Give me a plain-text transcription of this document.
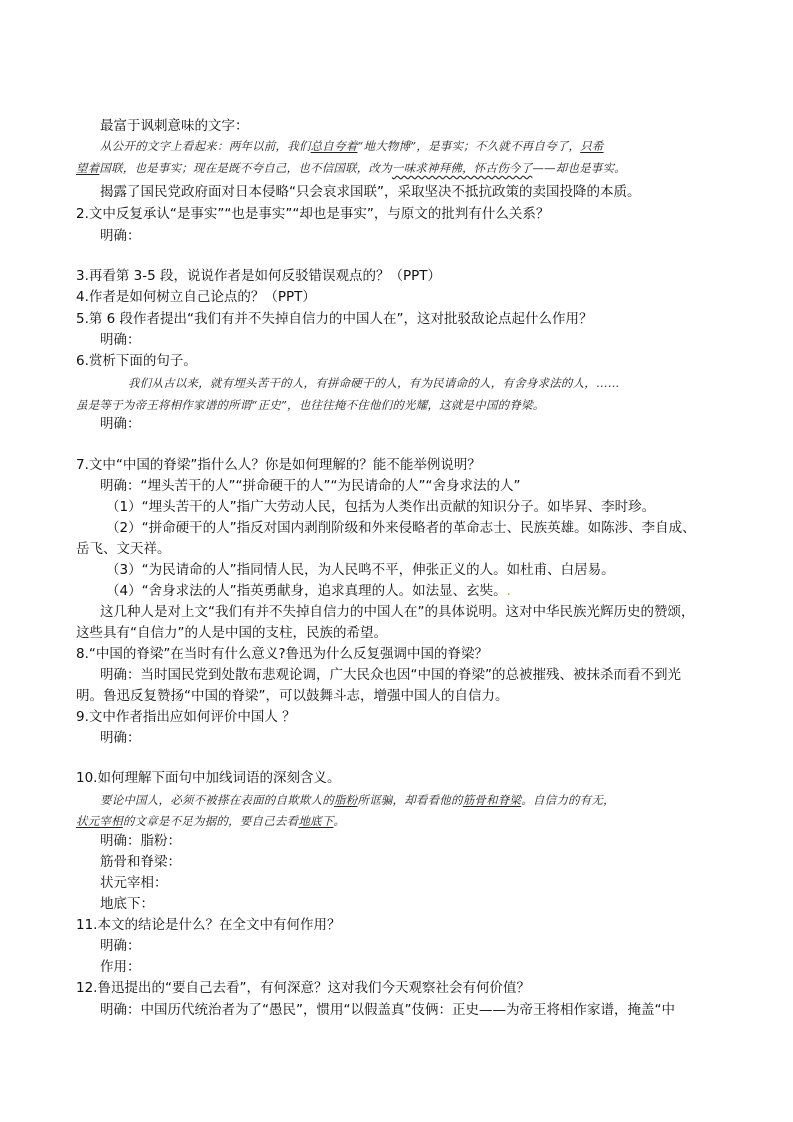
最富于讽刺意味的文字：
从公开的文字上看起来：两年以前，我们总自夸着“地大物博”，是事实；不久就不再自夸了，只希
望着国联，也是事实；现在是既不夸自己，也不信国联，改为一味求神拜佛，怀古伤今了——却也是事实。
揭露了国民党政府面对日本侵略“只会哀求国联”，采取坚决不抵抗政策的卖国投降的本质。
2.文中反复承认“是事实”“也是事实”“却也是事实”，与原文的批判有什么关系？
明确：
3.再看第 3-5 段，说说作者是如何反驳错误观点的？（PPT）
4.作者是如何树立自己论点的？（PPT）
5.第 6 段作者提出“我们有并不失掉自信力的中国人在”，这对批驳敌论点起什么作用？
明确：
6.赏析下面的句子。
我们从古以来，就有埋头苦干的人，有拼命硬干的人，有为民请命的人，有舍身求法的人，……
虽是等于为帝王将相作家谱的所谓“正史”，也往往掩不住他们的光耀，这就是中国的脊梁。
明确：
7.文中“中国的脊梁”指什么人？你是如何理解的？能不能举例说明？
明确：“埋头苦干的人”“拼命硬干的人”“为民请命的人”“舍身求法的人”
（1）“埋头苦干的人”指广大劳动人民，包括为人类作出贡献的知识分子。如毕昇、李时珍。
（2）“拼命硬干的人”指反对国内剥削阶级和外来侵略者的革命志士、民族英雄。如陈涉、李自成、
岳飞、文天祥。
（3）“为民请命的人”指同情人民，为人民鸣不平，伸张正义的人。如杜甫、白居易。
（4）“舍身求法的人”指英勇献身，追求真理的人。如法显、玄奘。.
这几种人是对上文“我们有并不失掉自信力的中国人在”的具体说明。这对中华民族光辉历史的赞颂，
这些具有“自信力”的人是中国的支柱，民族的希望。
8.“中国的脊梁”在当时有什么意义?鲁迅为什么反复强调中国的脊梁？
明确：当时国民党到处散布悲观论调，广大民众也因“中国的脊梁”的总被摧残、被抹杀而看不到光
明。鲁迅反复赞扬“中国的脊梁”，可以鼓舞斗志，增强中国人的自信力。
9.文中作者指出应如何评价中国人 ？
明确：
10.如何理解下面句中加线词语的深刻含义。
要论中国人，必须不被搽在表面的自欺欺人的脂粉所诓骗，却看看他的筋骨和脊梁。自信力的有无，
状元宰相的文章是不足为据的，要自己去看地底下。
明确：脂粉：
筋骨和脊梁：
状元宰相：
地底下：
11.本文的结论是什么？在全文中有何作用？
明确：
作用：
12.鲁迅提出的“要自己去看”，有何深意？这对我们今天观察社会有何价值？
明确：中国历代统治者为了“愚民”，惯用“以假盖真”伎俩：正史——为帝王将相作家谱，掩盖“中
